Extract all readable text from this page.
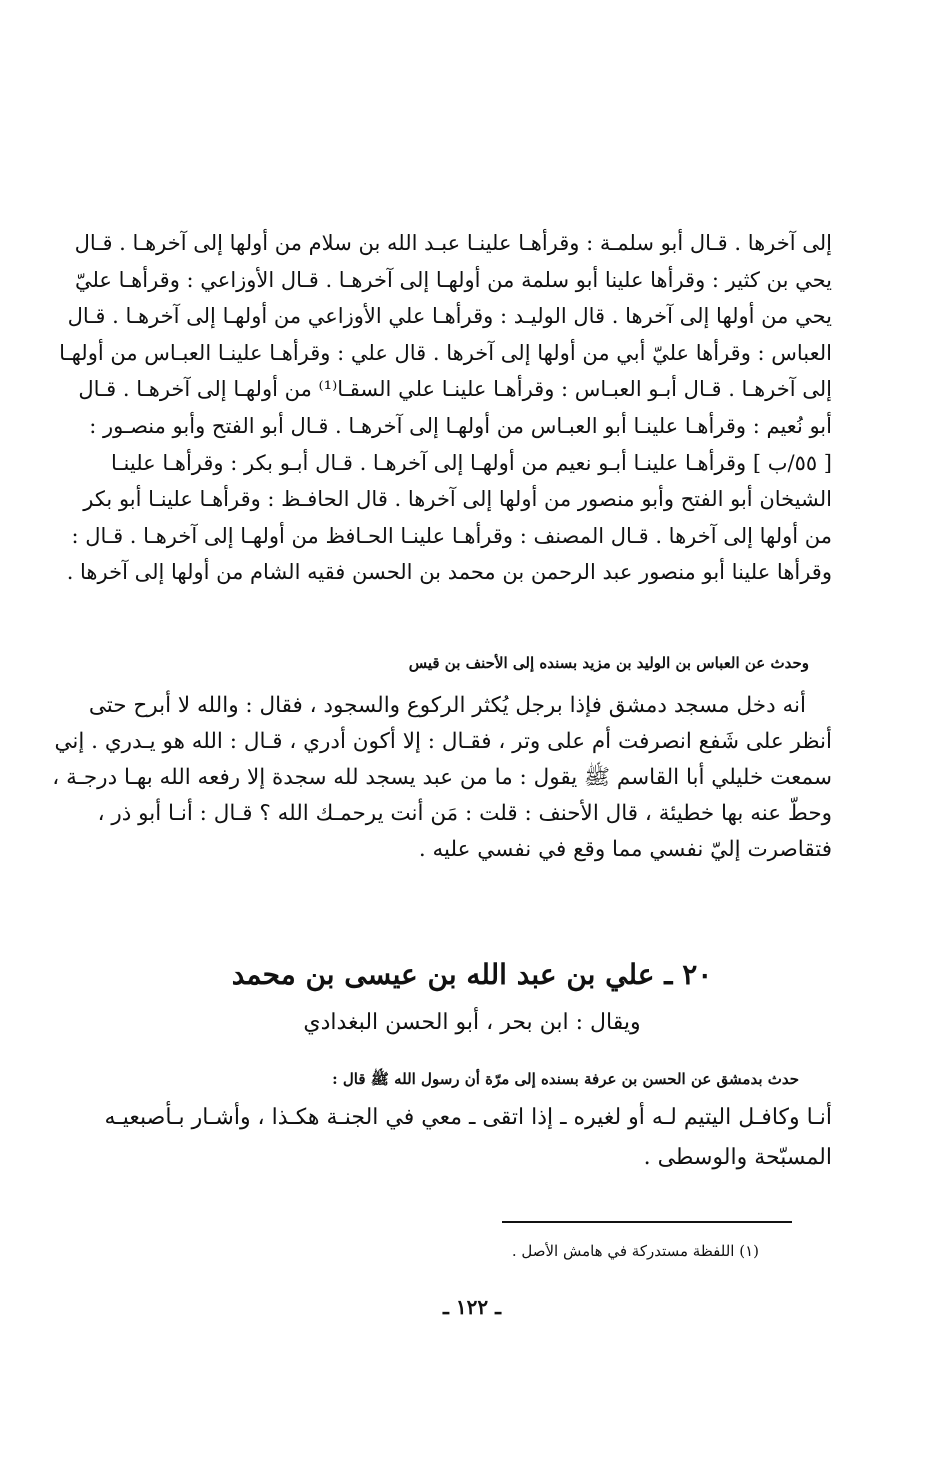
إلى آخرها . قـال أبو سلمـة : وقرأهـا علينـا عبـد الله بن سلام من أولها إلى آخرهـا . قـال
يحي بن كثير : وقرأها علينا أبو سلمة من أولهـا إلى آخرهـا . قـال الأوزاعي : وقرأهـا عليّ
يحي من أولها إلى آخرها . قال الوليـد : وقرأهـا علي الأوزاعي من أولهـا إلى آخرهـا . قـال
العباس : وقرأها عليّ أبي من أولها إلى آخرها . قال علي : وقرأهـا علينـا العبـاس من أولهـا
إلى آخرهـا . قـال أبـو العبـاس : وقرأهـا علينـا علي السقـا⁽¹⁾ من أولهـا إلى آخرهـا . قـال
أبو نُعيم : وقرأهـا علينـا أبو العبـاس من أولهـا إلى آخرهـا . قـال أبو الفتح وأبو منصـور :
[ ٥٥/ب ] وقرأهـا علينـا أبـو نعيم من أولهـا إلى آخرهـا . قـال أبـو بكر : وقرأهـا علينـا
الشيخان أبو الفتح وأبو منصور من أولها إلى آخرها . قال الحافـظ : وقرأهـا علينـا أبو بكر
من أولها إلى آخرها . قـال المصنف : وقرأهـا علينـا الحـافظ من أولهـا إلى آخرهـا . قـال :
وقرأها علينا أبو منصور عبد الرحمن بن محمد بن الحسن فقيه الشام من أولها إلى آخرها .
وحدث عن العباس بن الوليد بن مزيد بسنده إلى الأحنف بن قيس
أنه دخل مسجد دمشق فإذا برجل يُكثر الركوع والسجود ، فقال : والله لا أبرح حتى
أنظر على شَفع انصرفت أم على وتر ، فقـال : إلا أكون أدري ، قـال : الله هو يـدري . إني
سمعت خليلي أبا القاسم ﷺ يقول : ما من عبد يسجد لله سجدة إلا رفعه الله بهـا درجـة ،
وحطّ عنه بها خطيئة ، قال الأحنف : قلت : مَن أنت يرحمـك الله ؟ قـال : أنـا أبو ذر ،
فتقاصرت إليّ نفسي مما وقع في نفسي عليه .
٢٠ ـ علي بن عبد الله بن عيسى بن محمد
ويقال : ابن بحر ، أبو الحسن البغدادي
حدث بدمشق عن الحسن بن عرفة بسنده إلى مرّة أن رسول الله ﷺ قال :
أنـا وكافـل اليتيم لـه أو لغيره ـ إذا اتقى ـ معي في الجنـة هكـذا ، وأشـار بـأصبعيـه
المسبّحة والوسطى .
(١) اللفظة مستدركة في هامش الأصل .
ـ ١٢٢ ـ
